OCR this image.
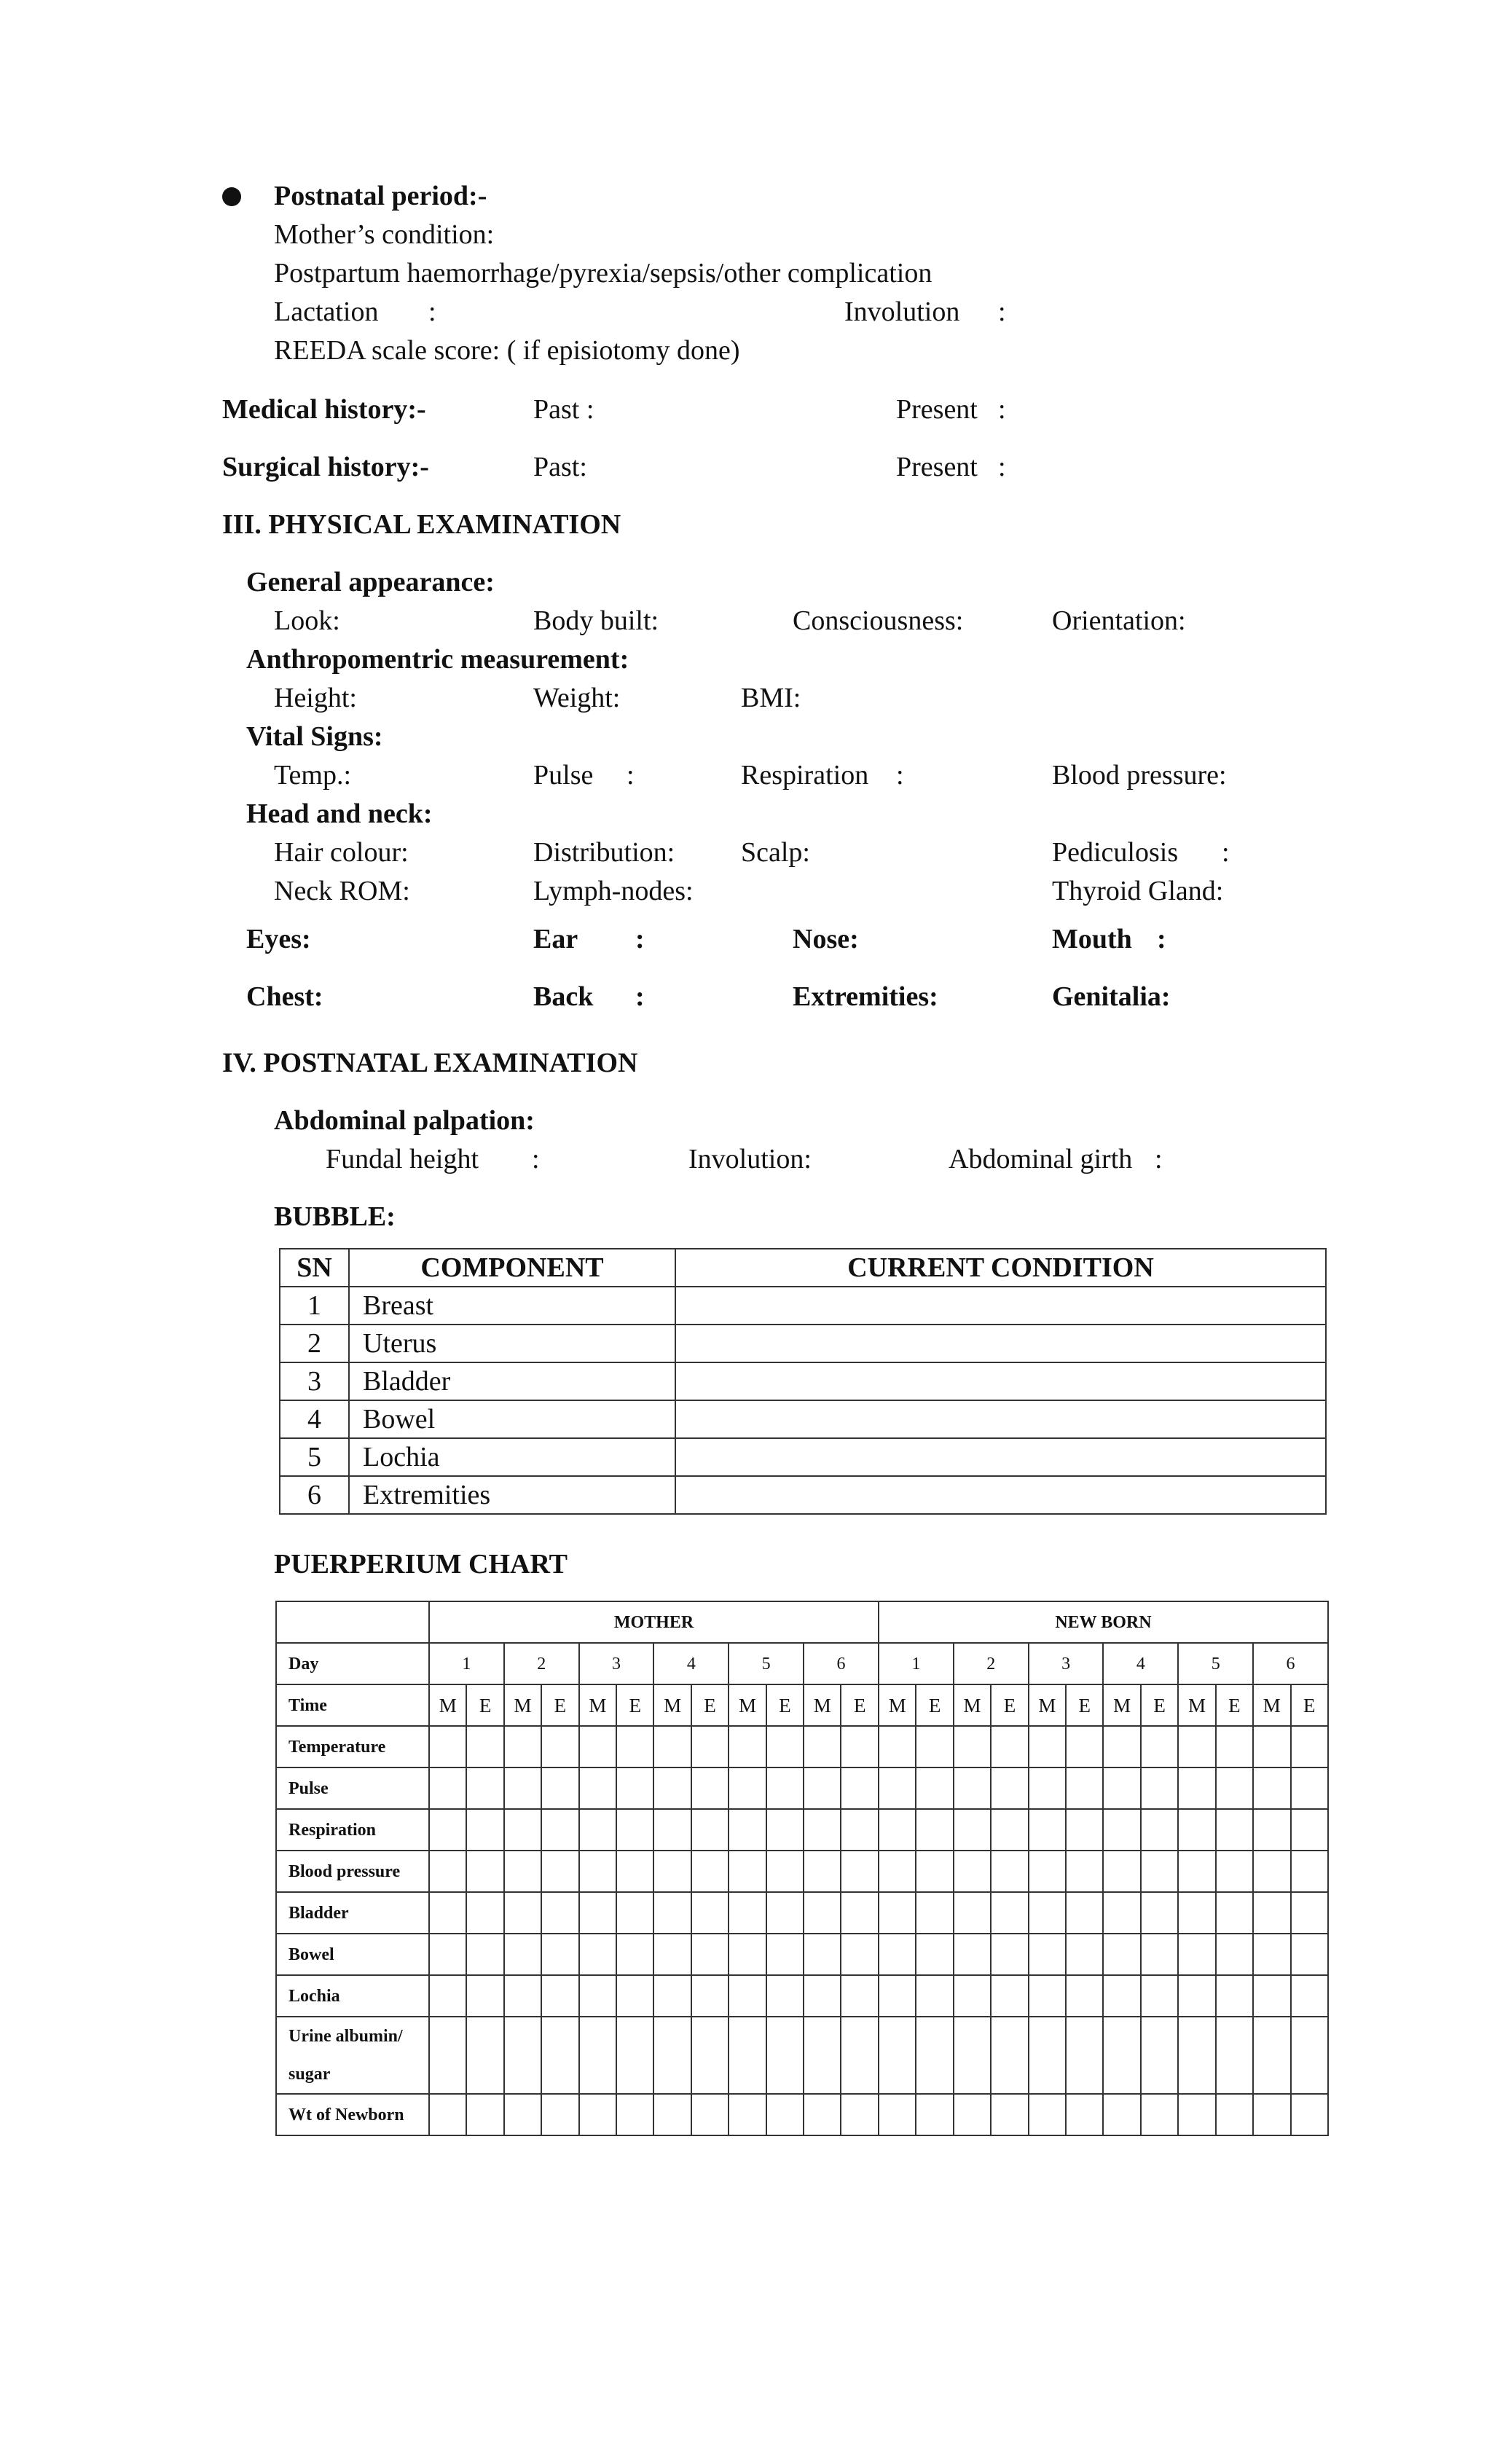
Postnatal period:-
Mother’s condition:
Postpartum haemorrhage/pyrexia/sepsis/other complication
Lactation :	Involution :
REEDA scale score: ( if episiotomy done)
Medical history:-	Past :	Present :
Surgical history:-	Past:	Present :
III. PHYSICAL EXAMINATION
General appearance:
Look:	Body built:	Consciousness:	Orientation:
Anthropomentric measurement:
Height:	Weight:	BMI:
Vital Signs:
Temp.:	Pulse :	Respiration :	Blood pressure:
Head and neck:
Hair colour:	Distribution: Scalp:	Pediculosis :
Neck ROM:	Lymph-nodes:	Thyroid Gland:
Eyes:	Ear :	Nose:	Mouth :
Chest:	Back :	Extremities:	Genitalia:
IV. POSTNATAL EXAMINATION
Abdominal palpation:
Fundal height :	Involution:	Abdominal girth :
BUBBLE:
SN	COMPONENT	CURRENT CONDITION
1	Breast	
2	Uterus	
3	Bladder	
4	Bowel	
5	Lochia	
6	Extremities	
PUERPERIUM CHART
	MOTHER												NEW BORN											
Day	1		2		3		4		5		6		1		2		3		4		5		6	
Time	M	E	M	E	M	E	M	E	M	E	M	E	M	E	M	E	M	E	M	E	M	E	M	E
Temperature																								
Pulse																								
Respiration																								
Blood pressure																								
Bladder																								
Bowel																								
Lochia																								

Urine albumin/
sugar																								

Wt of Newborn																								
